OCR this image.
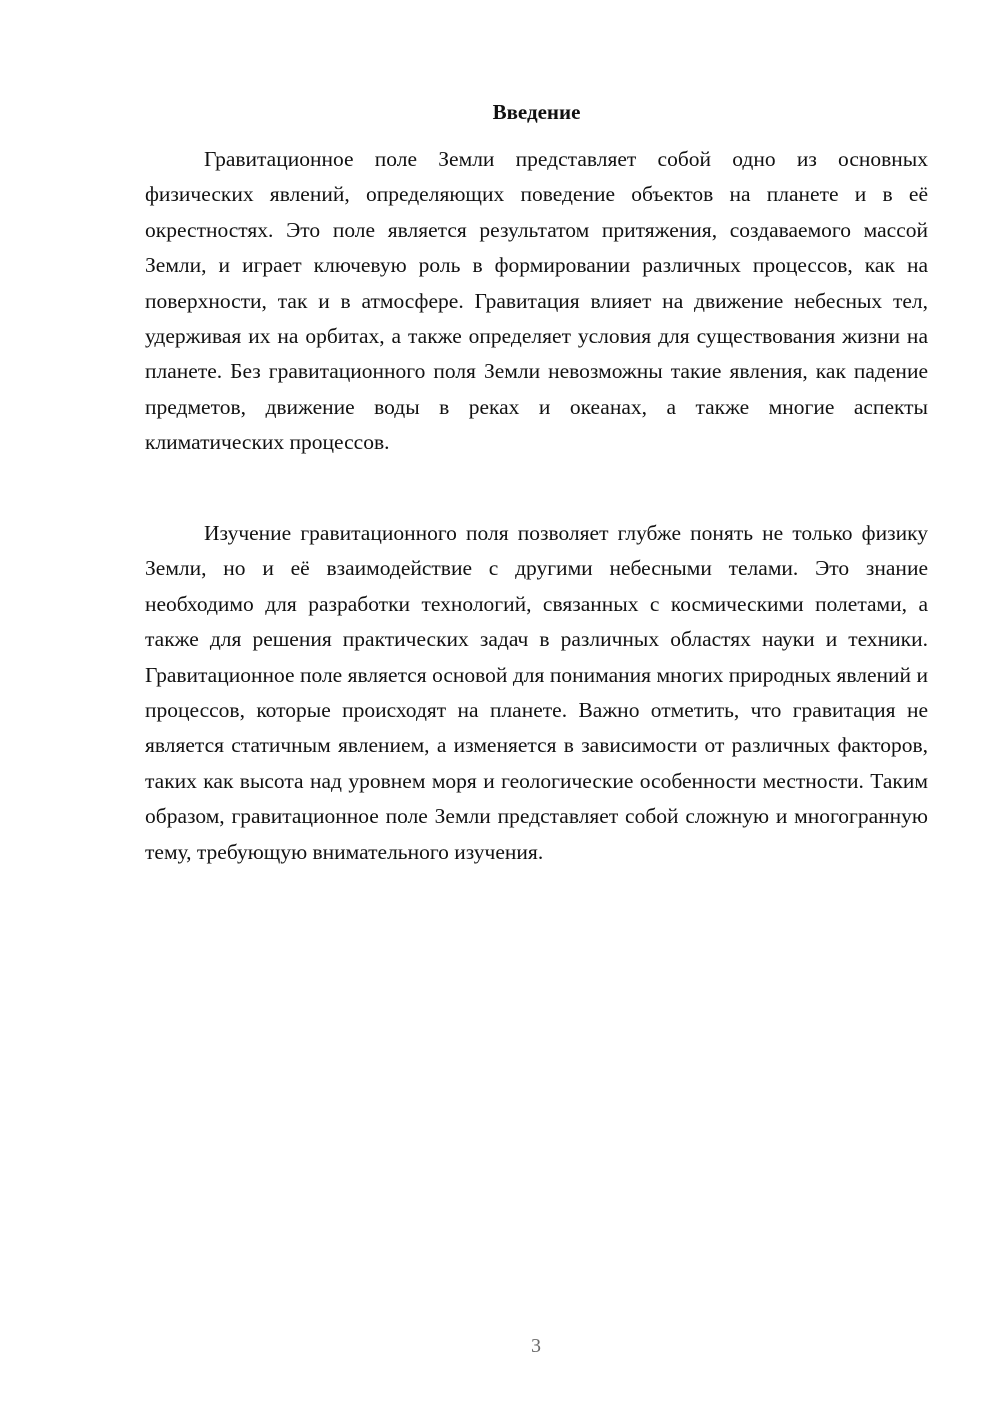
Введение

Гравитационное поле Земли представляет собой одно из основных физических явлений, определяющих поведение объектов на планете и в её окрестностях. Это поле является результатом притяжения, создаваемого массой Земли, и играет ключевую роль в формировании различных процессов, как на поверхности, так и в атмосфере. Гравитация влияет на движение небесных тел, удерживая их на орбитах, а также определяет условия для существования жизни на планете. Без гравитационного поля Земли невозможны такие явления, как падение предметов, движение воды в реках и океанах, а также многие аспекты климатических процессов.

Изучение гравитационного поля позволяет глубже понять не только физику Земли, но и её взаимодействие с другими небесными телами. Это знание необходимо для разработки технологий, связанных с космическими полетами, а также для решения практических задач в различных областях науки и техники. Гравитационное поле является основой для понимания многих природных явлений и процессов, которые происходят на планете. Важно отметить, что гравитация не является статичным явлением, а изменяется в зависимости от различных факторов, таких как высота над уровнем моря и геологические особенности местности. Таким образом, гравитационное поле Земли представляет собой сложную и многогранную тему, требующую внимательного изучения.

3
